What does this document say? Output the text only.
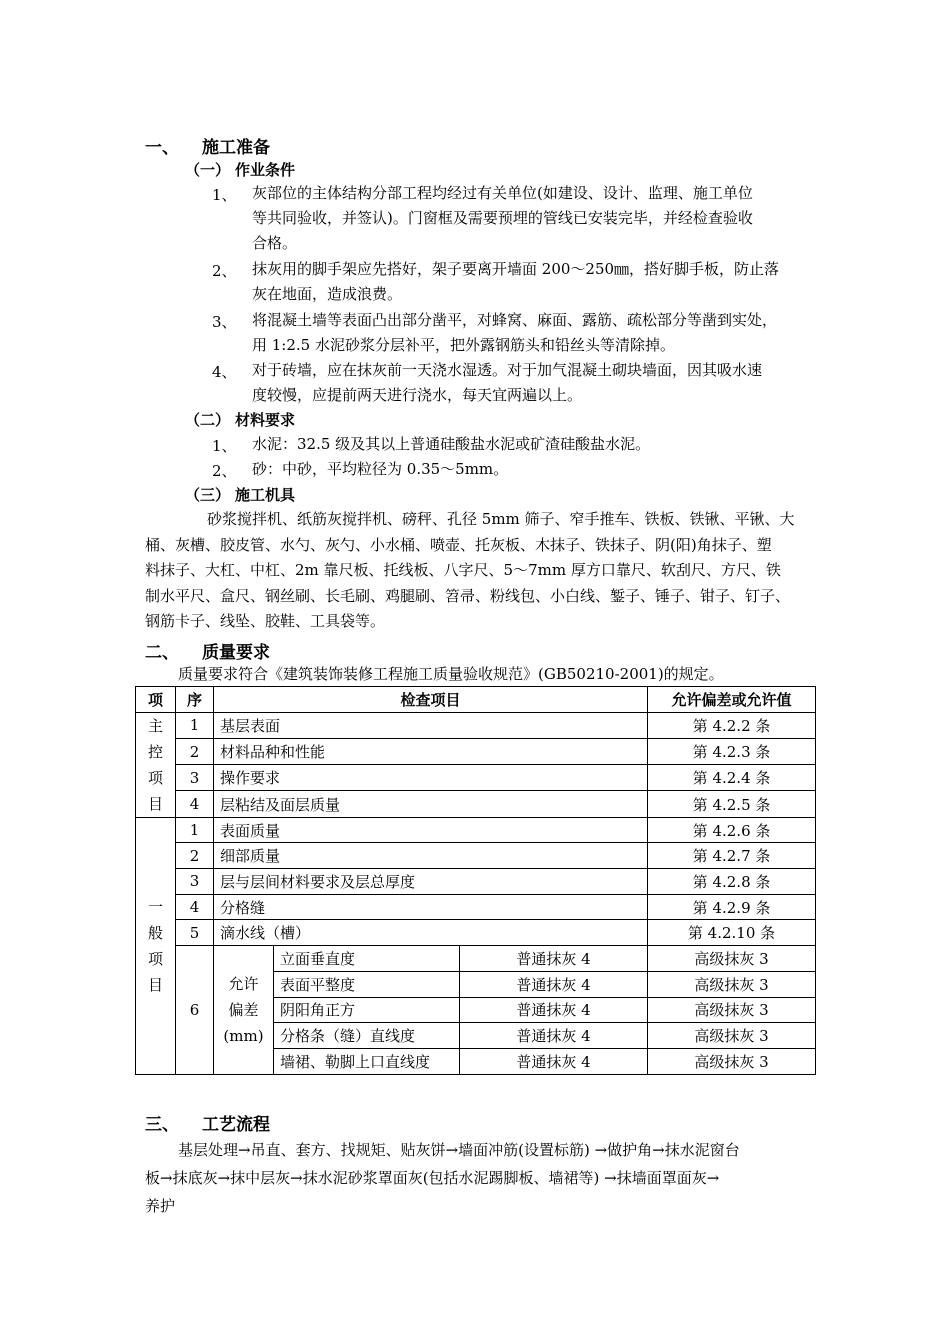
一、 施工准备
（一） 作业条件
1、 灰部位的主体结构分部工程均经过有关单位(如建设、设计、监理、施工单位
等共同验收，并签认)。门窗框及需要预埋的管线已安装完毕，并经检查验收
合格。
2、 抹灰用的脚手架应先搭好，架子要离开墙面 200～250㎜，搭好脚手板，防止落
灰在地面，造成浪费。
3、 将混凝土墙等表面凸出部分凿平，对蜂窝、麻面、露筋、疏松部分等凿到实处，
用 1:2.5 水泥砂浆分层补平，把外露钢筋头和铅丝头等清除掉。
4、 对于砖墙，应在抹灰前一天浇水湿透。对于加气混凝土砌块墙面，因其吸水速
度较慢，应提前两天进行浇水，每天宜两遍以上。
（二） 材料要求
1、 水泥：32.5 级及其以上普通硅酸盐水泥或矿渣硅酸盐水泥。
2、 砂：中砂，平均粒径为 0.35～5mm。
（三） 施工机具
砂浆搅拌机、纸筋灰搅拌机、磅秤、孔径 5mm 筛子、窄手推车、铁板、铁锹、平锹、大
桶、灰槽、胶皮管、水勺、灰勺、小水桶、喷壶、托灰板、木抹子、铁抹子、阴(阳)角抹子、塑
料抹子、大杠、中杠、2m 靠尺板、托线板、八字尺、5～7mm 厚方口靠尺、软刮尺、方尺、铁
制水平尺、盒尺、钢丝刷、长毛刷、鸡腿刷、笤帚、粉线包、小白线、錾子、锤子、钳子、钉子、
钢筋卡子、线坠、胶鞋、工具袋等。
二、 质量要求
质量要求符合《建筑装饰装修工程施工质量验收规范》(GB50210-2001)的规定。
项	序	检查项目			允许偏差或允许值

主
控
项
目	1	基层表面			第 4.2.2 条
	2	材料品种和性能			第 4.2.3 条
	3	操作要求			第 4.2.4 条
	4	层粘结及面层质量			第 4.2.5 条

一
般
项
目	1	表面质量			第 4.2.6 条
	2	细部质量			第 4.2.7 条
	3	层与层间材料要求及层总厚度			第 4.2.8 条
	4	分格缝			第 4.2.9 条
	5	滴水线（槽）			第 4.2.10 条
	6	允许
偏差
(mm)	立面垂直度	普通抹灰 4	高级抹灰 3
			表面平整度	普通抹灰 4	高级抹灰 3
			阴阳角正方	普通抹灰 4	高级抹灰 3
			分格条（缝）直线度	普通抹灰 4	高级抹灰 3
			墙裙、勒脚上口直线度	普通抹灰 4	高级抹灰 3
三、 工艺流程
基层处理→吊直、套方、找规矩、贴灰饼→墙面冲筋(设置标筋) →做护角→抹水泥窗台
板→抹底灰→抹中层灰→抹水泥砂浆罩面灰(包括水泥踢脚板、墙裙等) →抹墙面罩面灰→
养护
